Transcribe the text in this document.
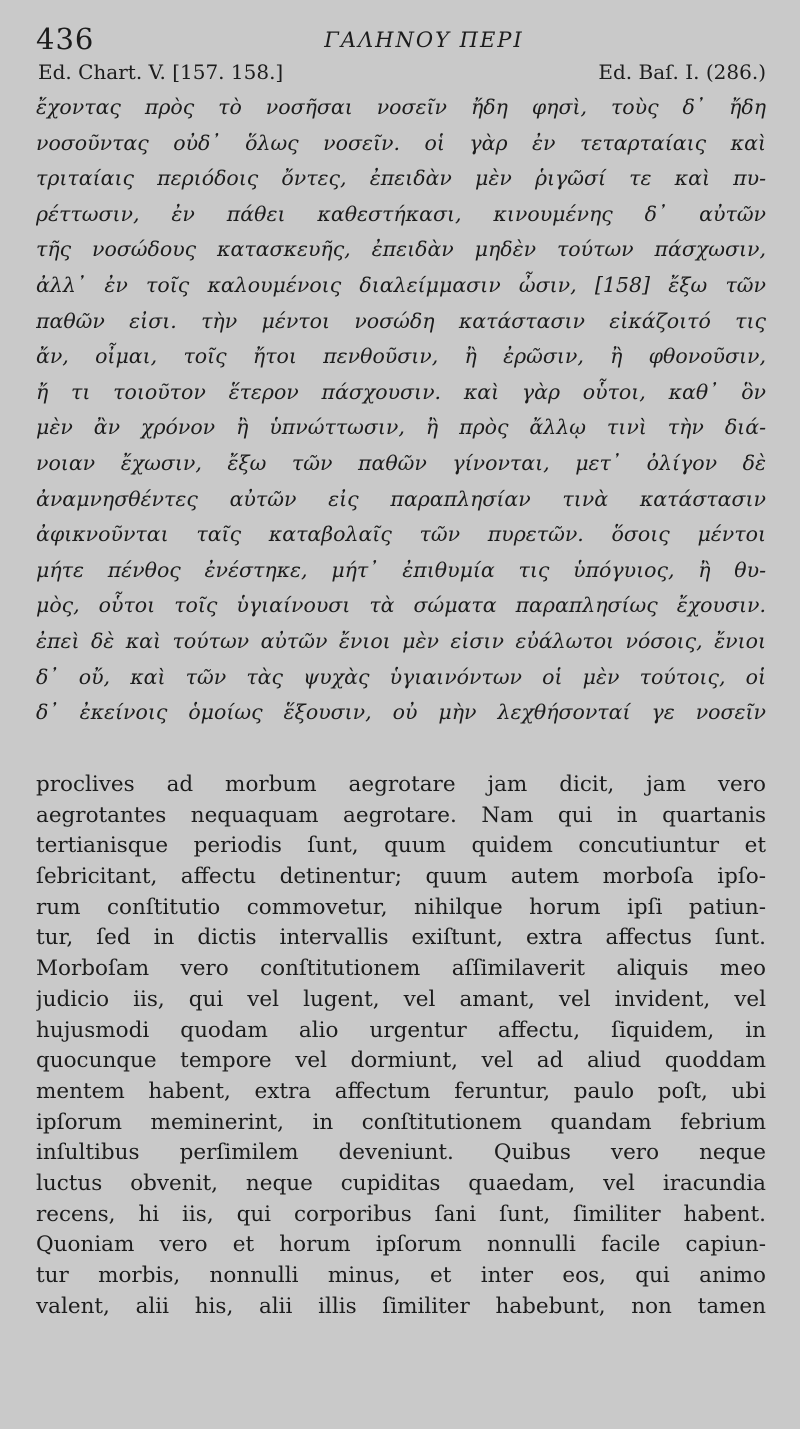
436	ΓΑΛΗΝΟΥ ΠΕΡΙ
Ed. Chart. V. [157. 158.]	Ed. Baſ. I. (286.)
ἔχοντας πρὸς τὸ νοσῆσαι νοσεῖν ἤδη φησὶ, τοὺς δ᾽ ἤδη
νοσοῦντας οὐδ᾽ ὅλως νοσεῖν. οἱ γὰρ ἐν τεταρταίαις καὶ
τριταίαις περιόδοις ὄντες, ἐπειδὰν μὲν ῥιγῶσί τε καὶ πυ-
ρέττωσιν, ἐν πάθει καθεστήκασι, κινουμένης δ᾽ αὐτῶν
τῆς νοσώδους κατασκευῆς, ἐπειδὰν μηδὲν τούτων πάσχωσιν,
ἀλλ᾽ ἐν τοῖς καλουμένοις διαλείμμασιν ὦσιν, [158] ἔξω τῶν
παθῶν εἰσι. τὴν μέντοι νοσώδη κατάστασιν εἰκάζοιτό τις
ἄν, οἶμαι, τοῖς ἤτοι πενθοῦσιν, ἢ ἐρῶσιν, ἢ φθονοῦσιν,
ἤ τι τοιοῦτον ἕτερον πάσχουσιν. καὶ γὰρ οὗτοι, καθ᾽ ὃν
μὲν ἂν χρόνον ἢ ὑπνώττωσιν, ἢ πρὸς ἄλλῳ τινὶ τὴν διά-
νοιαν ἔχωσιν, ἔξω τῶν παθῶν γίνονται, μετ᾽ ὀλίγον δὲ
ἀναμνησθέντες αὐτῶν εἰς παραπλησίαν τινὰ κατάστασιν
ἀφικνοῦνται ταῖς καταβολαῖς τῶν πυρετῶν. ὅσοις μέντοι
μήτε πένθος ἐνέστηκε, μήτ᾽ ἐπιθυμία τις ὑπόγυιος, ἢ θυ-
μὸς, οὗτοι τοῖς ὑγιαίνουσι τὰ σώματα παραπλησίως ἔχουσιν.
ἐπεὶ δὲ καὶ τούτων αὐτῶν ἔνιοι μὲν εἰσιν εὐάλωτοι νόσοις, ἔνιοι
δ᾽ οὔ, καὶ τῶν τὰς ψυχὰς ὑγιαινόντων οἱ μὲν τούτοις, οἱ
δ᾽ ἐκείνοις ὁμοίως ἕξουσιν, οὐ μὴν λεχθήσονταί γε νοσεῖν
proclives ad morbum aegrotare jam dicit, jam vero
aegrotantes nequaquam aegrotare. Nam qui in quartanis
tertianisque periodis ſunt, quum quidem concutiuntur et
ſebricitant, affectu detinentur; quum autem morboſa ipſo-
rum conſtitutio commovetur, nihilque horum ipſi patiun-
tur, ſed in dictis intervallis exiſtunt, extra affectus ſunt.
Morboſam vero conſtitutionem aſſimilaverit aliquis meo
judicio iis, qui vel lugent, vel amant, vel invident, vel
hujusmodi quodam alio urgentur affectu, ſiquidem, in
quocunque tempore vel dormiunt, vel ad aliud quoddam
mentem habent, extra affectum feruntur, paulo poſt, ubi
ipſorum meminerint, in conſtitutionem quandam febrium
inſultibus perſimilem deveniunt. Quibus vero neque
luctus obvenit, neque cupiditas quaedam, vel iracundia
recens, hi iis, qui corporibus ſani ſunt, ſimiliter habent.
Quoniam vero et horum ipſorum nonnulli facile capiun-
tur morbis, nonnulli minus, et inter eos, qui animo
valent, alii his, alii illis ſimiliter habebunt, non tamen
